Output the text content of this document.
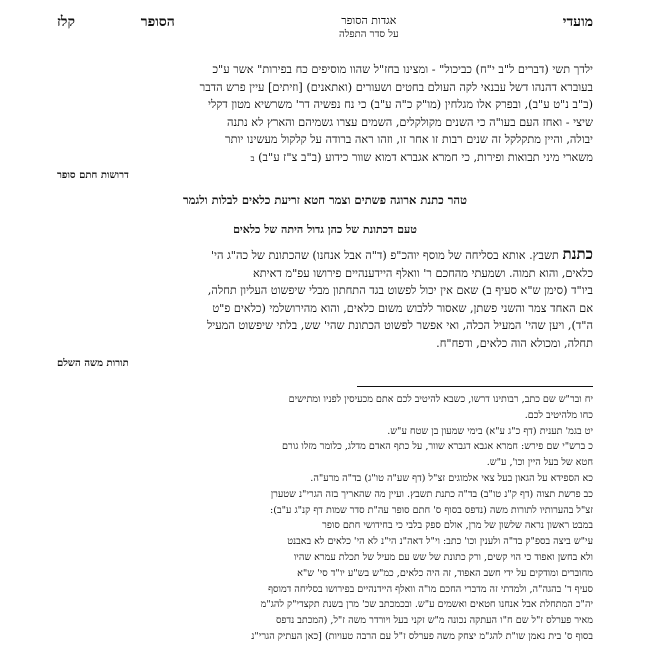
מועדי
אגדות הסופר
על סדר התפלה
הסופר  קלז

ילדך תשי (דברים ל"ב י"ח) כביכול" - ומצינו בחז"ל שהוו מוסיפים כח בפירות" אשר ע"כ

בעוברא דהנהו דשל עבנאי לקה העולם בחטים ושעורים (ואתאנים) [וזיתים] עיין פרש הדבר

(ב"ב נ"ט ע"ב), ובפרק אלו מגלחין (מו"ק כ"ה ע"ב) כי נח נפשיה דר' משרשיא מטון דקלי

שיצי - ואחז העם בעו"ה כי השנים מקולקלים, השמים עצרו גשמיהם והארץ לא נתנה

יבולה, והיין מתקלקל זה שנים רבות זו אחר זו, וזהו ראה ברודה על קלקול מעשינו יותר

משארי מיני תבואות ופירות, כי חמרא אגברא דמוא שוור כידוע (ב"ב צ"ז ע"ב) ב

דרושות חתם סופר
טהר כתנת ארוגה פשתים וצמר חטא זריעת כלאים לבלות ולגמר
טעם דכתונת של כהן גדול היתה של כלאים

כתנת תשבץ. אותא בסליחה של מוסף יוהכ"פ (ד"ה אבל אנחנו) שהכתונת של כה"ג הי'

כלאים, והוא תמוה. ושמעתי מהחכם ר' וואלף היידענהיים פירושו עפ"מ דאיתא

ביו"ד (סימן ש"א סעיף ב) שאם אין יכול לפשוט בגד התחתון מבלי שיפשוט העליון תחלה,

אם האחד צמר והשני פשתן, שאסור ללבוש משום כלאים, והוא מהירושלמי (כלאים פ"ט

ה"ד), ויען שהי' המעיל הכלה, ואי אפשר לפשוט הכתונת שהי' שש, בלתי שיפשוט המעיל

תחלה, ומכולא הוה כלאים, ודפח"ח.

תורות משה השלם

יח ובר"ש שם כתב, רבותינו דרשו, כשבא להיטיב לכם אתם מכעיסין לפניו ומתישים

כחו מלהיטיב לכם.

יט בגמ' תענית (דף כ"ג ע"א) בימי שמעון בן שטח ע"ש.

כ ברש"י שם פירש: חמרא אגבא דגברא שוור, על כתף האדם מדלג, כלומר מזלו גורם

חטא של בעל היין וכו', ע"ש.

כא הספידא על הגאון בעל צאי אלמוגים זצ"ל (דף שע"ה טו"ג) בד"ה מרע"ה.

כב פרשת תצוה (דף ק"נ טו"ב) בד"ה כתנת תשבץ. ועיין מה שהאריך בזה הגרי"נ שטערן

זצ"ל בהערותיו לתורות משה (נדפס בסוף ס' חתם סופר עה"ת סדר שמות דף קנ"ג ע"ב):

במבט ראשון נראה שלשון של מרן, אולם ספק בלבי כי בחידושי חתם סופר

עי"ש ביצה בספ"ק בד"ה ולענין וכו' כתב: וי"ל דאה"נ הי"נ לא הי' כלאים לא באבנט

ולא בחשן ואפוד כי הוי קשים, ורק כתונת של שש עם מעיל של תכלת עמרא שהיו

מחוברים ומודקים על ידי חשב האפוד, זה היה כלאים, כמ"ש בש"ע יו"ד סי' ש"א

סעיף ד' בהגה"ה, ולמדתי זה מדברי החכם מו"ה וואלף היידנהיים בפירושו בסליחה דמוסף

יה"כ המתחלת אבל אנחנו חטאים ואשמים ע"ש. ובכמכתב שכ' מרן בשנת תקצדי"ק להג"מ

מאיר פערלס ז"ל שם ח"ו העתקה נכונה מ"ש זקני בעל ויורדר משה ז"ל, (המכתב נדפס

בסוף ס' בית נאמן שו"ת להג"מ יצחק משה פערלס ז"ל עם הרבה טעויות) [כאן העתיק הגרי"נ
